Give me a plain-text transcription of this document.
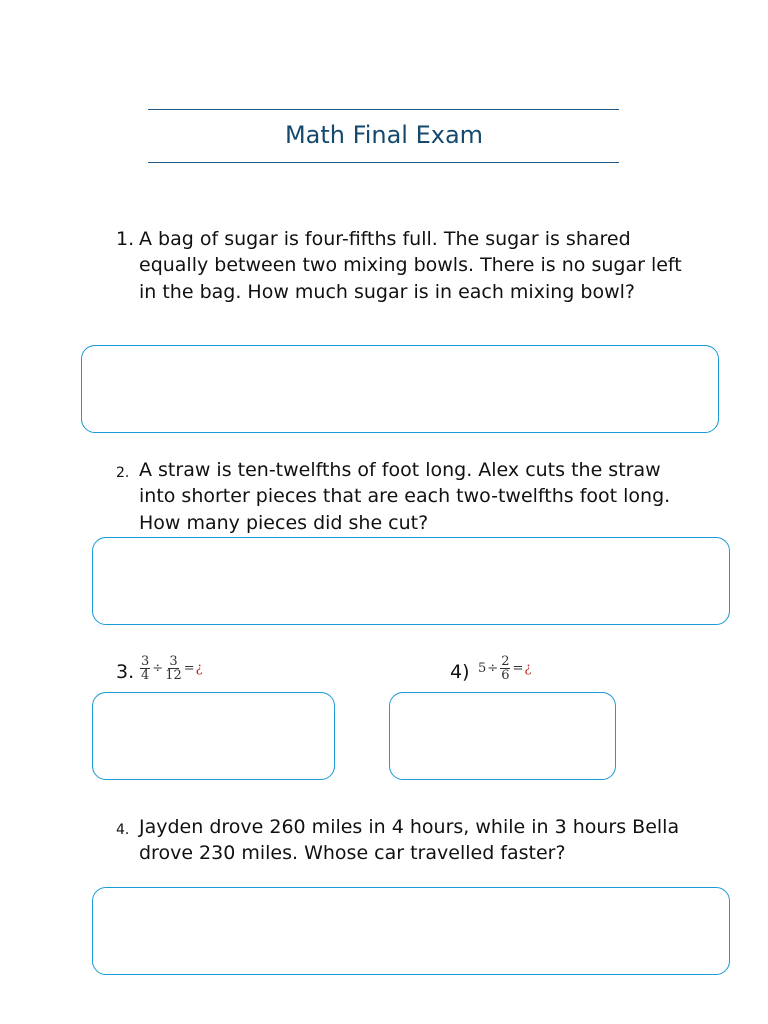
Math Final Exam
1. A bag of sugar is four-fifths full. The sugar is shared equally between two mixing bowls. There is no sugar left in the bag. How much sugar is in each mixing bowl?
2. A straw is ten-twelfths of foot long. Alex cuts the straw into shorter pieces that are each two-twelfths foot long. How many pieces did she cut?
3. $\frac{3}{4} \div \frac{3}{12}$ = ¿	4) $5 \div \frac{2}{6}$ = ¿
4. Jayden drove 260 miles in 4 hours, while in 3 hours Bella drove 230 miles. Whose car travelled faster?
